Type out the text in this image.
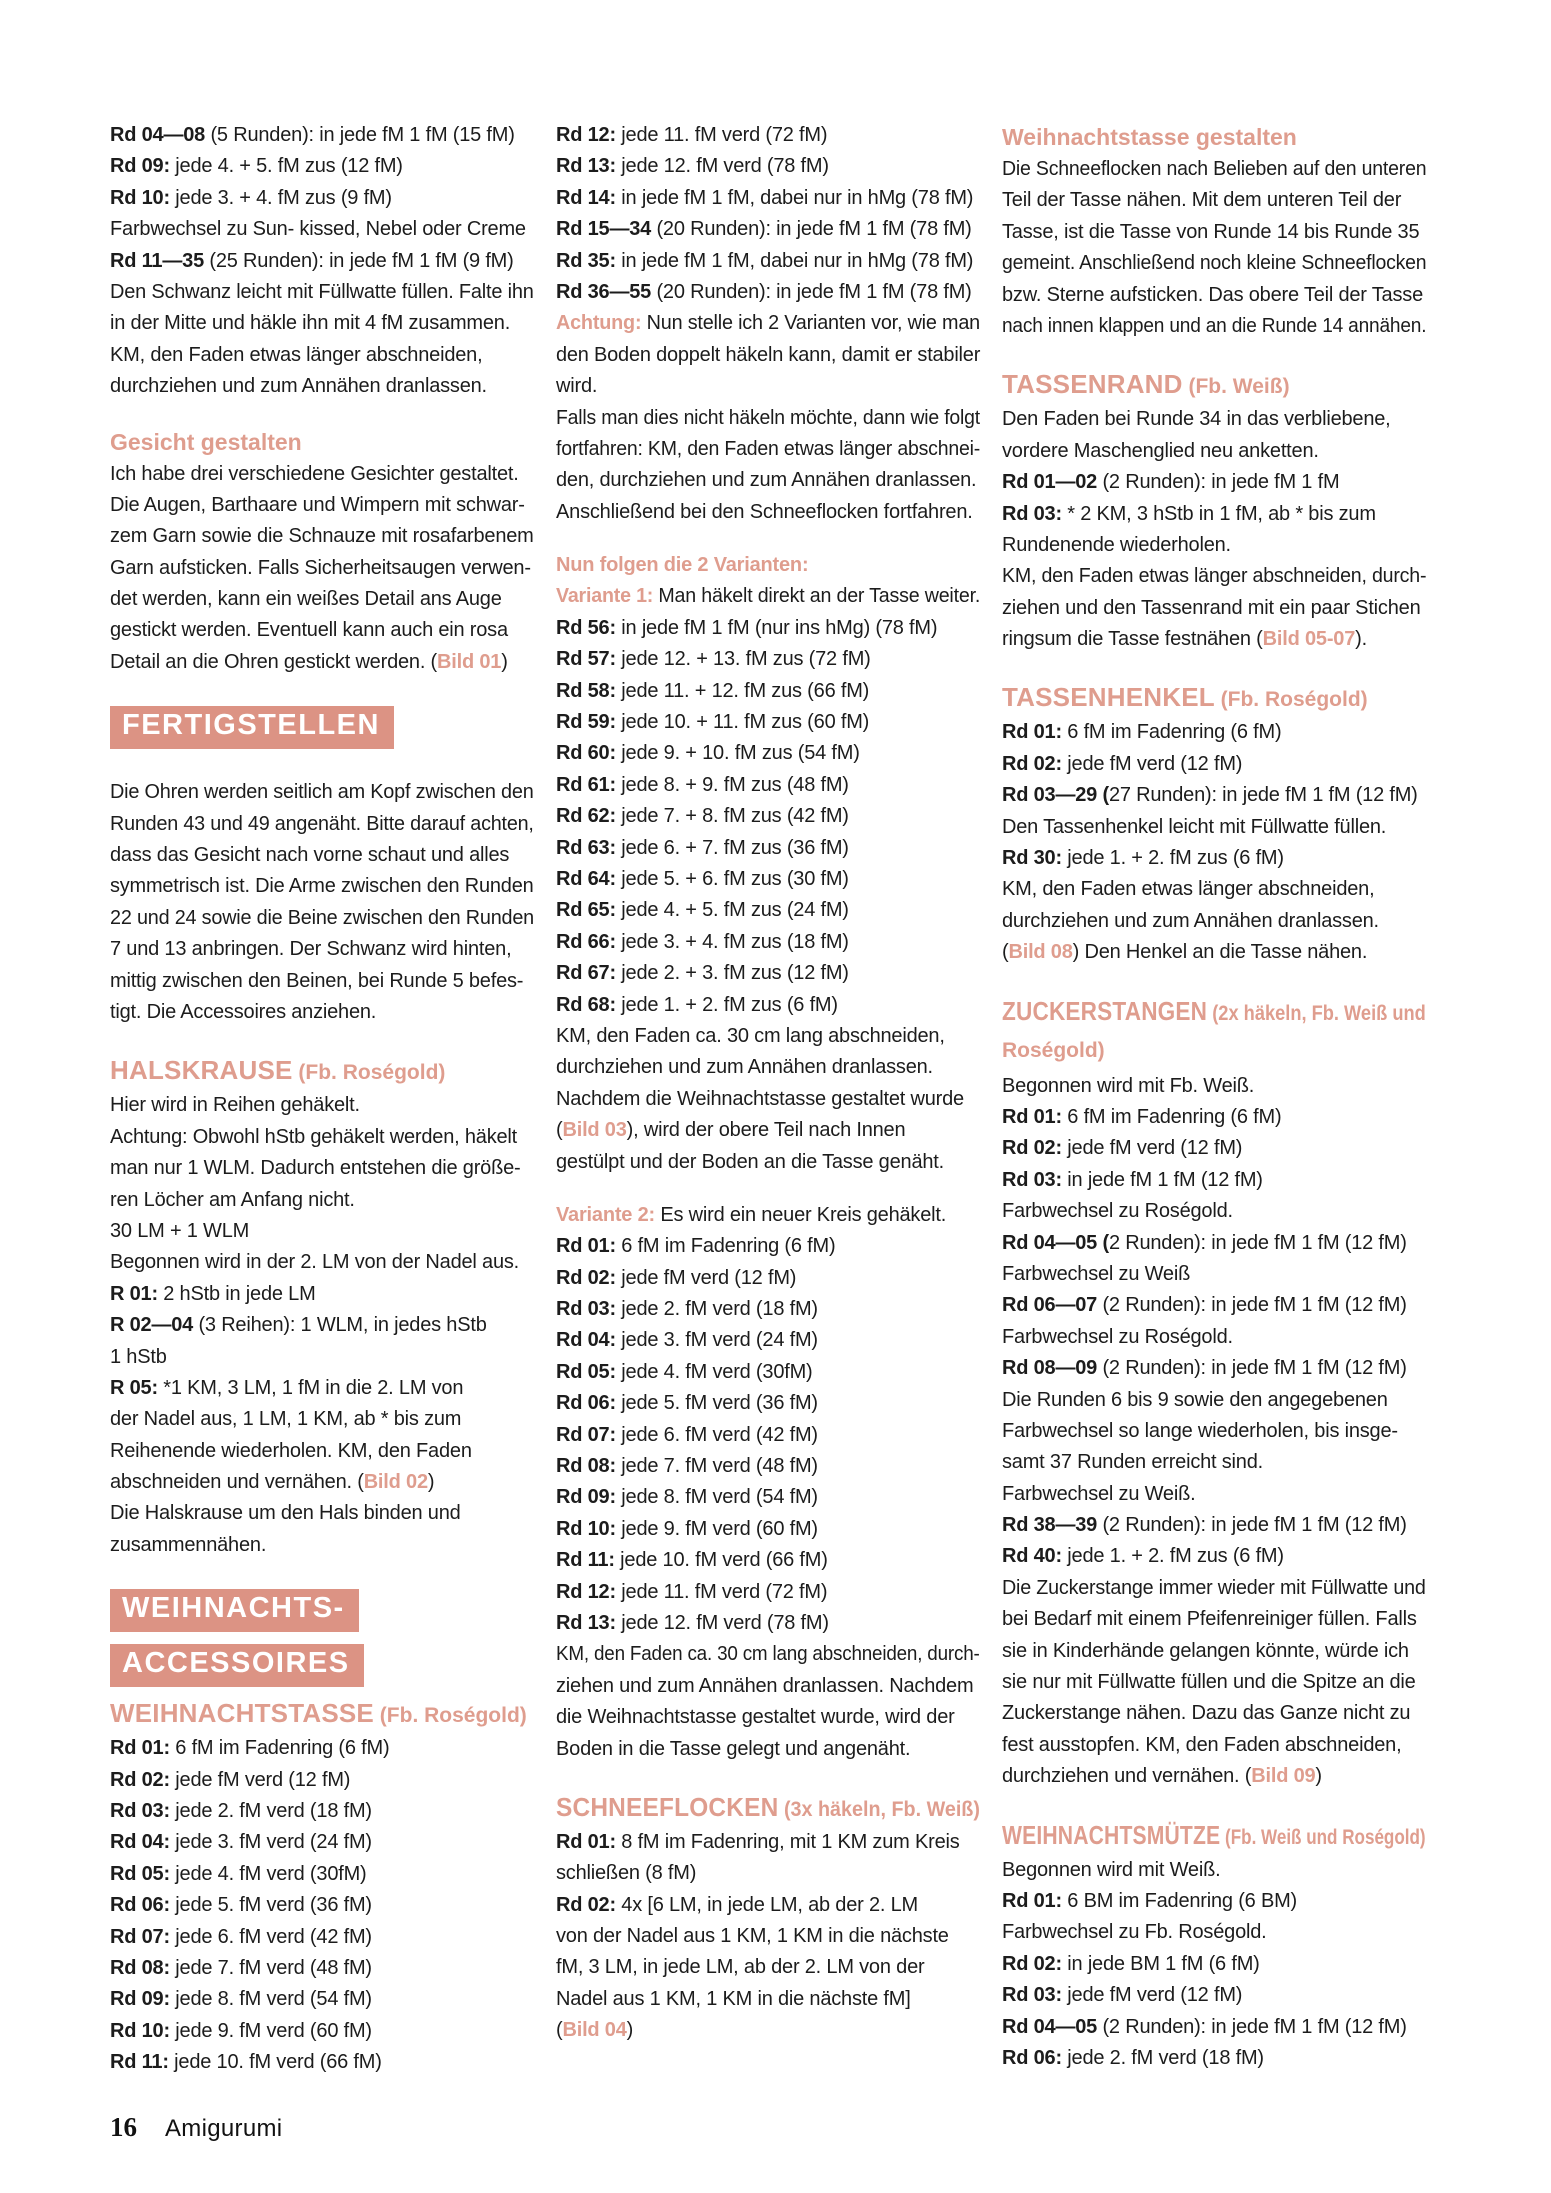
Rd 04—08 (5 Runden): in jede fM 1 fM (15 fM)
Rd 09: jede 4. + 5. fM zus (12 fM)
Rd 10: jede 3. + 4. fM zus (9 fM)
Farbwechsel zu Sun- kissed, Nebel oder Creme
Rd 11—35 (25 Runden): in jede fM 1 fM (9 fM)
Den Schwanz leicht mit Füllwatte füllen. Falte ihn
in der Mitte und häkle ihn mit 4 fM zusammen.
KM, den Faden etwas länger abschneiden,
durchziehen und zum Annähen dranlassen.
Gesicht gestalten
Ich habe drei verschiedene Gesichter gestaltet.
Die Augen, Barthaare und Wimpern mit schwar-
zem Garn sowie die Schnauze mit rosafarbenem
Garn aufsticken. Falls Sicherheitsaugen verwen-
det werden, kann ein weißes Detail ans Auge
gestickt werden. Eventuell kann auch ein rosa
Detail an die Ohren gestickt werden. (Bild 01)
FERTIGSTELLEN
Die Ohren werden seitlich am Kopf zwischen den
Runden 43 und 49 angenäht. Bitte darauf achten,
dass das Gesicht nach vorne schaut und alles
symmetrisch ist. Die Arme zwischen den Runden
22 und 24 sowie die Beine zwischen den Runden
7 und 13 anbringen. Der Schwanz wird hinten,
mittig zwischen den Beinen, bei Runde 5 befes-
tigt. Die Accessoires anziehen.
HALSKRAUSE (Fb. Roségold)
Hier wird in Reihen gehäkelt.
Achtung: Obwohl hStb gehäkelt werden, häkelt
man nur 1 WLM. Dadurch entstehen die größe-
ren Löcher am Anfang nicht.
30 LM + 1 WLM
Begonnen wird in der 2. LM von der Nadel aus.
R 01: 2 hStb in jede LM
R 02—04 (3 Reihen): 1 WLM, in jedes hStb
1 hStb
R 05: *1 KM, 3 LM, 1 fM in die 2. LM von
der Nadel aus, 1 LM, 1 KM, ab * bis zum
Reihenende wiederholen. KM, den Faden
abschneiden und vernähen. (Bild 02)
Die Halskrause um den Hals binden und
zusammennähen.
WEIHNACHTS-
ACCESSOIRES
WEIHNACHTSTASSE (Fb. Roségold)
Rd 01: 6 fM im Fadenring (6 fM)
Rd 02: jede fM verd (12 fM)
Rd 03: jede 2. fM verd (18 fM)
Rd 04: jede 3. fM verd (24 fM)
Rd 05: jede 4. fM verd (30fM)
Rd 06: jede 5. fM verd (36 fM)
Rd 07: jede 6. fM verd (42 fM)
Rd 08: jede 7. fM verd (48 fM)
Rd 09: jede 8. fM verd (54 fM)
Rd 10: jede 9. fM verd (60 fM)
Rd 11: jede 10. fM verd (66 fM)
Rd 12: jede 11. fM verd (72 fM)
Rd 13: jede 12. fM verd (78 fM)
Rd 14: in jede fM 1 fM, dabei nur in hMg (78 fM)
Rd 15—34 (20 Runden): in jede fM 1 fM (78 fM)
Rd 35: in jede fM 1 fM, dabei nur in hMg (78 fM)
Rd 36—55 (20 Runden): in jede fM 1 fM (78 fM)
Achtung: Nun stelle ich 2 Varianten vor, wie man
den Boden doppelt häkeln kann, damit er stabiler
wird.
Falls man dies nicht häkeln möchte, dann wie folgt
fortfahren: KM, den Faden etwas länger abschnei-
den, durchziehen und zum Annähen dranlassen.
Anschließend bei den Schneeflocken fortfahren.
Nun folgen die 2 Varianten:
Variante 1: Man häkelt direkt an der Tasse weiter.
Rd 56: in jede fM 1 fM (nur ins hMg) (78 fM)
Rd 57: jede 12. + 13. fM zus (72 fM)
Rd 58: jede 11. + 12. fM zus (66 fM)
Rd 59: jede 10. + 11. fM zus (60 fM)
Rd 60: jede 9. + 10. fM zus (54 fM)
Rd 61: jede 8. + 9. fM zus (48 fM)
Rd 62: jede 7. + 8. fM zus (42 fM)
Rd 63: jede 6. + 7. fM zus (36 fM)
Rd 64: jede 5. + 6. fM zus (30 fM)
Rd 65: jede 4. + 5. fM zus (24 fM)
Rd 66: jede 3. + 4. fM zus (18 fM)
Rd 67: jede 2. + 3. fM zus (12 fM)
Rd 68: jede 1. + 2. fM zus (6 fM)
KM, den Faden ca. 30 cm lang abschneiden,
durchziehen und zum Annähen dranlassen.
Nachdem die Weihnachtstasse gestaltet wurde
(Bild 03), wird der obere Teil nach Innen
gestülpt und der Boden an die Tasse genäht.
Variante 2: Es wird ein neuer Kreis gehäkelt.
Rd 01: 6 fM im Fadenring (6 fM)
Rd 02: jede fM verd (12 fM)
Rd 03: jede 2. fM verd (18 fM)
Rd 04: jede 3. fM verd (24 fM)
Rd 05: jede 4. fM verd (30fM)
Rd 06: jede 5. fM verd (36 fM)
Rd 07: jede 6. fM verd (42 fM)
Rd 08: jede 7. fM verd (48 fM)
Rd 09: jede 8. fM verd (54 fM)
Rd 10: jede 9. fM verd (60 fM)
Rd 11: jede 10. fM verd (66 fM)
Rd 12: jede 11. fM verd (72 fM)
Rd 13: jede 12. fM verd (78 fM)
KM, den Faden ca. 30 cm lang abschneiden, durch-
ziehen und zum Annähen dranlassen. Nachdem
die Weihnachtstasse gestaltet wurde, wird der
Boden in die Tasse gelegt und angenäht.
SCHNEEFLOCKEN (3x häkeln, Fb. Weiß)
Rd 01: 8 fM im Fadenring, mit 1 KM zum Kreis
schließen (8 fM)
Rd 02: 4x [6 LM, in jede LM, ab der 2. LM
von der Nadel aus 1 KM, 1 KM in die nächste
fM, 3 LM, in jede LM, ab der 2. LM von der
Nadel aus 1 KM, 1 KM in die nächste fM]
(Bild 04)
Weihnachtstasse gestalten
Die Schneeflocken nach Belieben auf den unteren
Teil der Tasse nähen. Mit dem unteren Teil der
Tasse, ist die Tasse von Runde 14 bis Runde 35
gemeint. Anschließend noch kleine Schneeflocken
bzw. Sterne aufsticken. Das obere Teil der Tasse
nach innen klappen und an die Runde 14 annähen.
TASSENRAND (Fb. Weiß)
Den Faden bei Runde 34 in das verbliebene,
vordere Maschenglied neu anketten.
Rd 01—02 (2 Runden): in jede fM 1 fM
Rd 03: * 2 KM, 3 hStb in 1 fM, ab * bis zum
Rundenende wiederholen.
KM, den Faden etwas länger abschneiden, durch-
ziehen und den Tassenrand mit ein paar Stichen
ringsum die Tasse festnähen (Bild 05-07).
TASSENHENKEL (Fb. Roségold)
Rd 01: 6 fM im Fadenring (6 fM)
Rd 02: jede fM verd (12 fM)
Rd 03—29 (27 Runden): in jede fM 1 fM (12 fM)
Den Tassenhenkel leicht mit Füllwatte füllen.
Rd 30: jede 1. + 2. fM zus (6 fM)
KM, den Faden etwas länger abschneiden,
durchziehen und zum Annähen dranlassen.
(Bild 08) Den Henkel an die Tasse nähen.
ZUCKERSTANGEN (2x häkeln, Fb. Weiß und
Roségold)
Begonnen wird mit Fb. Weiß.
Rd 01: 6 fM im Fadenring (6 fM)
Rd 02: jede fM verd (12 fM)
Rd 03: in jede fM 1 fM (12 fM)
Farbwechsel zu Roségold.
Rd 04—05 (2 Runden): in jede fM 1 fM (12 fM)
Farbwechsel zu Weiß
Rd 06—07 (2 Runden): in jede fM 1 fM (12 fM)
Farbwechsel zu Roségold.
Rd 08—09 (2 Runden): in jede fM 1 fM (12 fM)
Die Runden 6 bis 9 sowie den angegebenen
Farbwechsel so lange wiederholen, bis insge-
samt 37 Runden erreicht sind.
Farbwechsel zu Weiß.
Rd 38—39 (2 Runden): in jede fM 1 fM (12 fM)
Rd 40: jede 1. + 2. fM zus (6 fM)
Die Zuckerstange immer wieder mit Füllwatte und
bei Bedarf mit einem Pfeifenreiniger füllen. Falls
sie in Kinderhände gelangen könnte, würde ich
sie nur mit Füllwatte füllen und die Spitze an die
Zuckerstange nähen. Dazu das Ganze nicht zu
fest ausstopfen. KM, den Faden abschneiden,
durchziehen und vernähen. (Bild 09)
WEIHNACHTSMÜTZE (Fb. Weiß und Roségold)
Begonnen wird mit Weiß.
Rd 01: 6 BM im Fadenring (6 BM)
Farbwechsel zu Fb. Roségold.
Rd 02: in jede BM 1 fM (6 fM)
Rd 03: jede fM verd (12 fM)
Rd 04—05 (2 Runden): in jede fM 1 fM (12 fM)
Rd 06: jede 2. fM verd (18 fM)
16 Amigurumi
